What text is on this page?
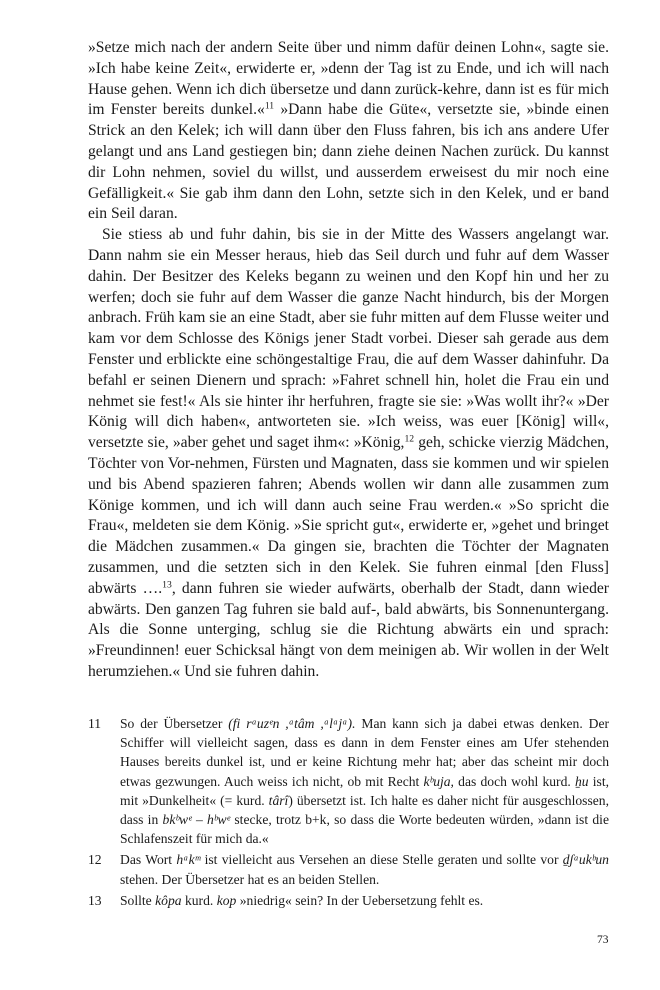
»Setze mich nach der andern Seite über und nimm dafür deinen Lohn«, sagte sie. »Ich habe keine Zeit«, erwiderte er, »denn der Tag ist zu Ende, und ich will nach Hause gehen. Wenn ich dich übersetze und dann zurück-kehre, dann ist es für mich im Fenster bereits dunkel.«$^{11}$ »Dann habe die Güte«, versetzte sie, »binde einen Strick an den Kelek; ich will dann über den Fluss fahren, bis ich ans andere Ufer gelangt und ans Land gestiegen bin; dann ziehe deinen Nachen zurück. Du kannst dir Lohn nehmen, soviel du willst, und ausserdem erweisest du mir noch eine Gefälligkeit.« Sie gab ihm dann den Lohn, setzte sich in den Kelek, und er band ein Seil daran.

Sie stiess ab und fuhr dahin, bis sie in der Mitte des Wassers angelangt war. Dann nahm sie ein Messer heraus, hieb das Seil durch und fuhr auf dem Wasser dahin. Der Besitzer des Keleks begann zu weinen und den Kopf hin und her zu werfen; doch sie fuhr auf dem Wasser die ganze Nacht hindurch, bis der Morgen anbrach. Früh kam sie an eine Stadt, aber sie fuhr mitten auf dem Flusse weiter und kam vor dem Schlosse des Königs jener Stadt vorbei. Dieser sah gerade aus dem Fenster und erblickte eine schöngestaltige Frau, die auf dem Wasser dahinfuhr. Da befahl er seinen Dienern und sprach: »Fahret schnell hin, holet die Frau ein und nehmet sie fest!« Als sie hinter ihr herfuhren, fragte sie sie: »Was wollt ihr?« »Der König will dich haben«, antworteten sie. »Ich weiss, was euer [König] will«, versetzte sie, »aber gehet und saget ihm«: »König,$^{12}$ geh, schicke vierzig Mädchen, Töchter von Vor-nehmen, Fürsten und Magnaten, dass sie kommen und wir spielen und bis Abend spazieren fahren; Abends wollen wir dann alle zusammen zum Könige kommen, und ich will dann auch seine Frau werden.« »So spricht die Frau«, meldeten sie dem König. »Sie spricht gut«, erwiderte er, »gehet und bringet die Mädchen zusammen.« Da gingen sie, brachten die Töchter der Magnaten zusammen, und die setzten sich in den Kelek. Sie fuhren einmal [den Fluss] abwärts ….$^{13}$, dann fuhren sie wieder aufwärts, oberhalb der Stadt, dann wieder abwärts. Den ganzen Tag fuhren sie bald auf-, bald abwärts, bis Sonnenuntergang. Als die Sonne unterging, schlug sie die Richtung abwärts ein und sprach: »Freundinnen! euer Schicksal hängt von dem meinigen ab. Wir wollen in der Welt herumziehen.« Und sie fuhren dahin.

11	So der Übersetzer (fi rᵃuzᵉn ,ᵃtâm ,ᵃlᵃjᵃ). Man kann sich ja dabei etwas denken. Der Schiffer will vielleicht sagen, dass es dann in dem Fenster eines am Ufer stehenden Hauses bereits dunkel ist, und er keine Richtung mehr hat; aber das scheint mir doch etwas gezwungen. Auch weiss ich nicht, ob mit Recht kᵇuja, das doch wohl kurd. ẖu ist, mit »Dunkelheit« (= kurd. târî) übersetzt ist. Ich halte es daher nicht für ausgeschlossen, dass in bkᵇwᵉ – hᵇwᵉ stecke, trotz b+k, so dass die Worte bedeuten würden, »dann ist die Schlafenszeit für mich da.«
12	Das Wort hᵃkᵐ ist vielleicht aus Versehen an diese Stelle geraten und sollte vor ḏʃᵃukᵇun stehen. Der Übersetzer hat es an beiden Stellen.
13	Sollte kôpa kurd. kop »niedrig« sein? In der Uebersetzung fehlt es.
73
